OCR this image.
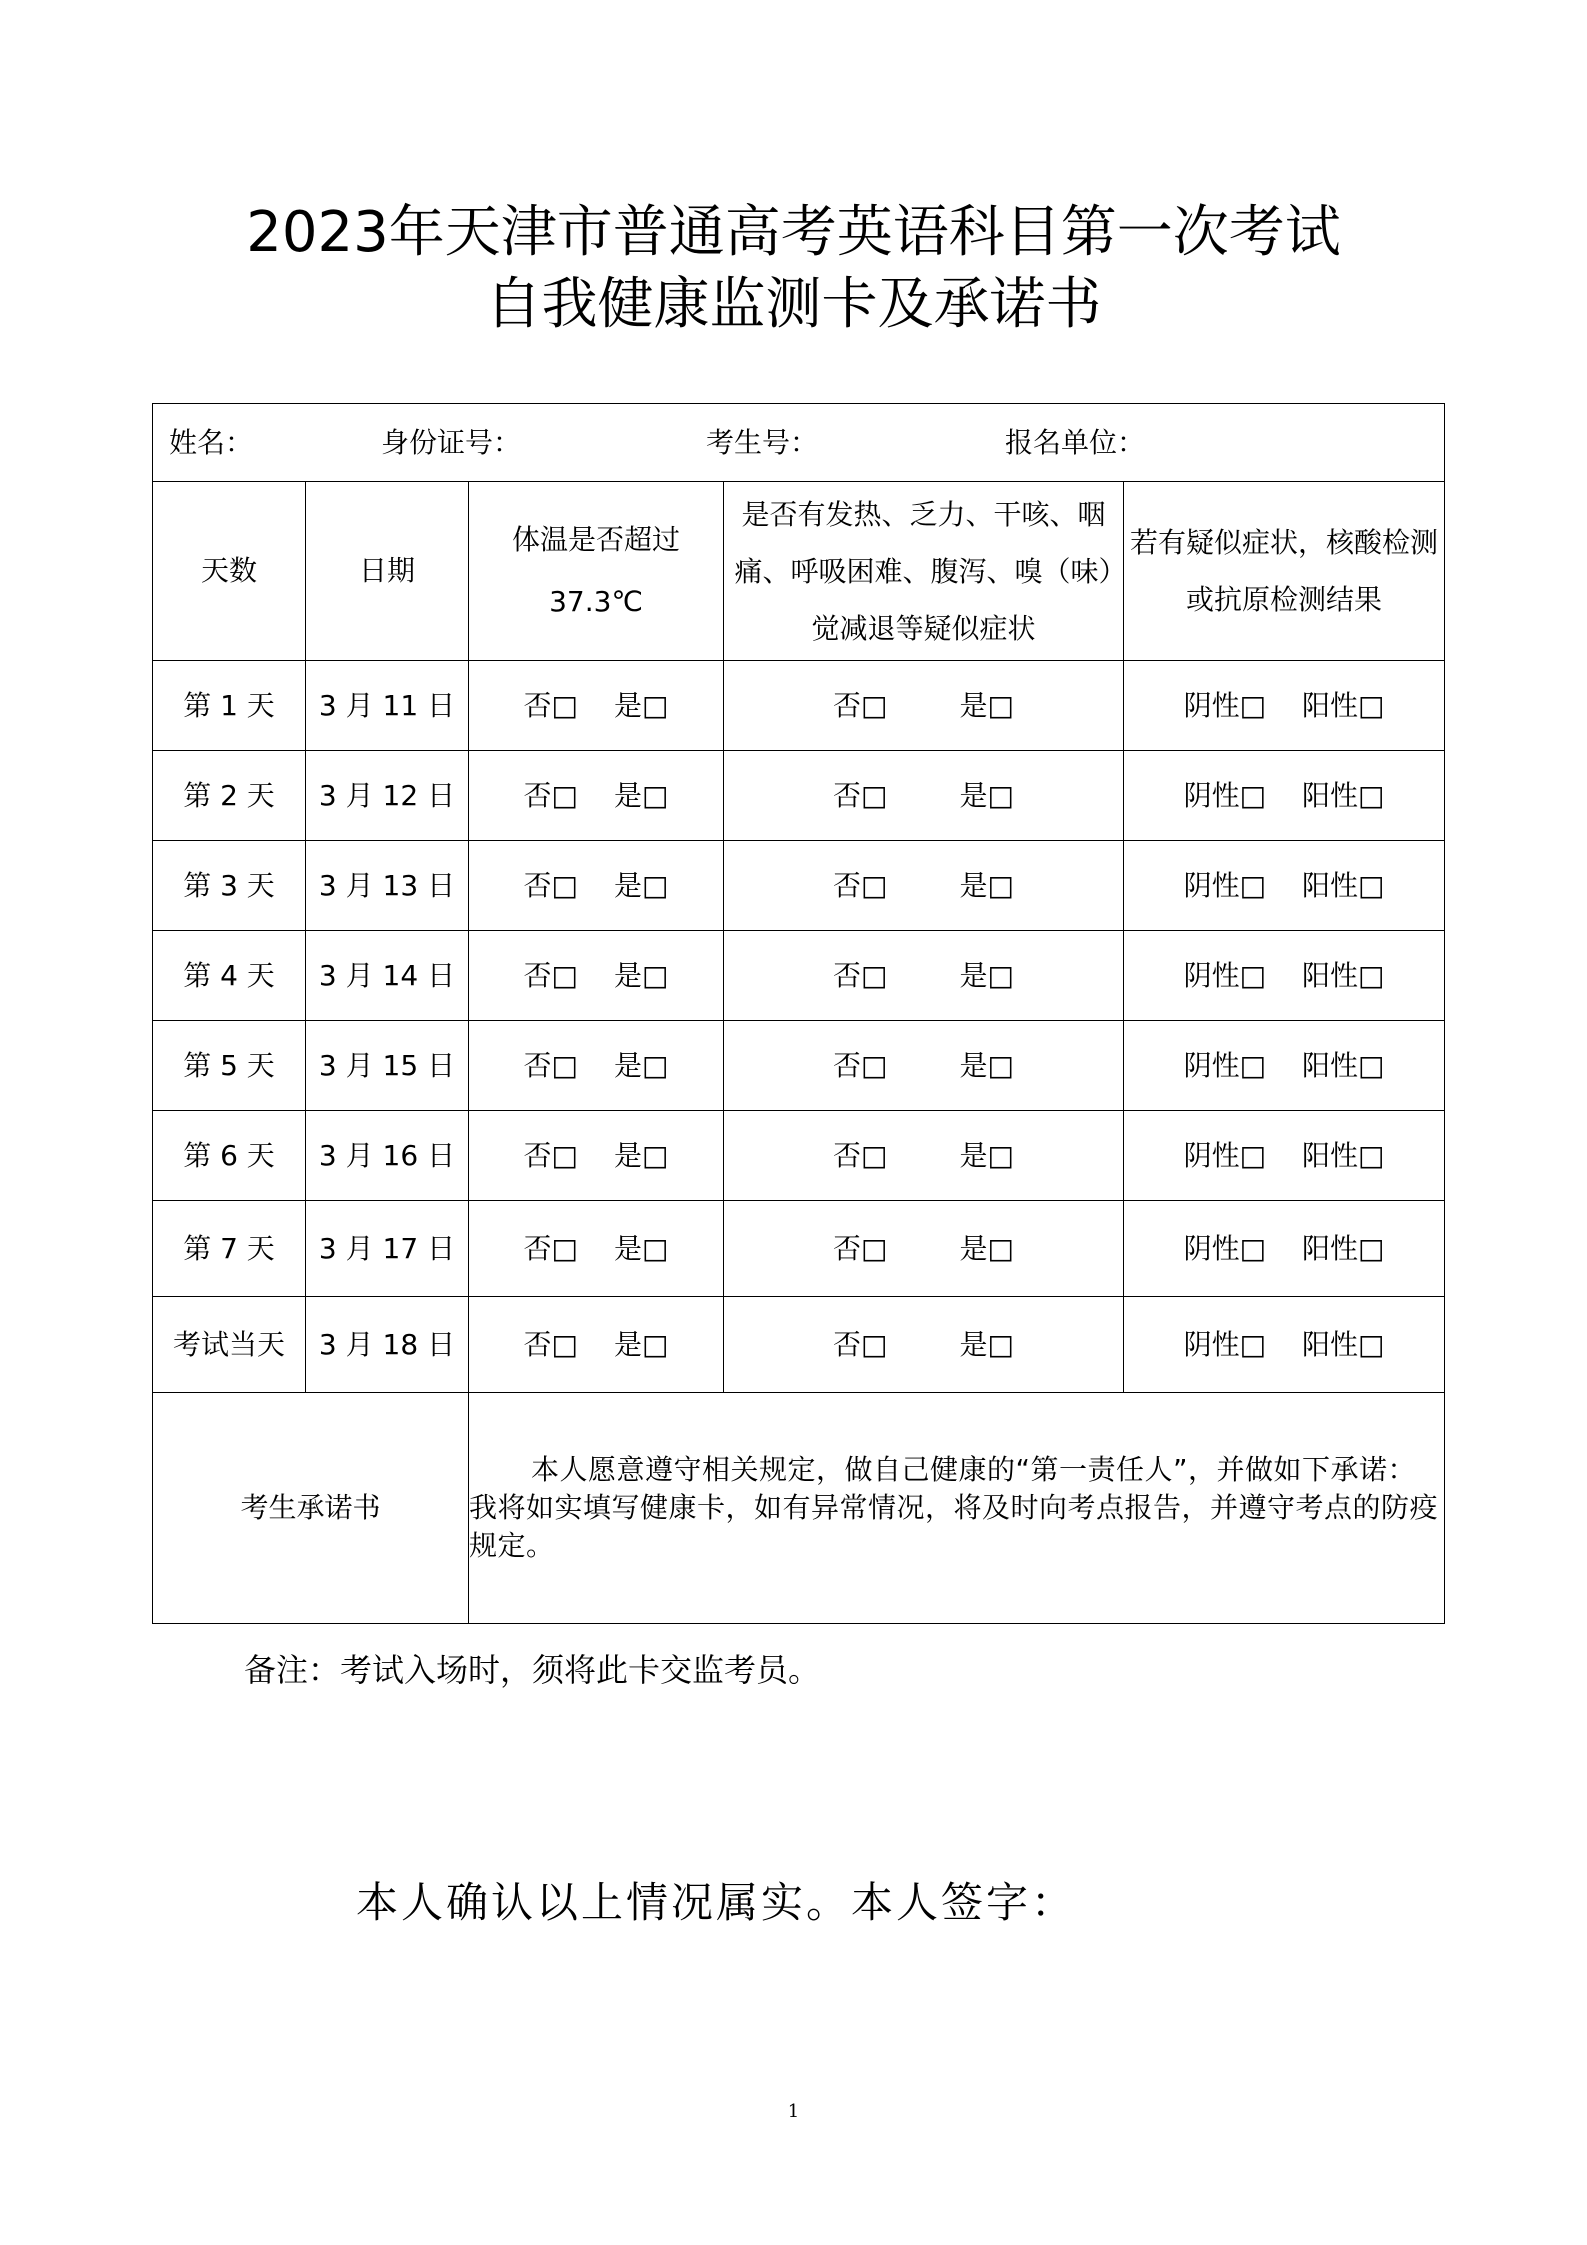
2023年天津市普通高考英语科目第一次考试
自我健康监测卡及承诺书
姓名： 身份证号： 考生号： 报名单位：				

天数	日期	体温是否超过37.3℃	是否有发热、乏力、干咳、咽痛、呼吸困难、腹泻、嗅（味）觉减退等疑似症状	若有疑似症状，核酸检测或抗原检测结果
第 1 天	3 月 11 日	否□ 是□	否□ 是□	阴性□ 阳性□
第 2 天	3 月 12 日	否□ 是□	否□ 是□	阴性□ 阳性□
第 3 天	3 月 13 日	否□ 是□	否□ 是□	阴性□ 阳性□
第 4 天	3 月 14 日	否□ 是□	否□ 是□	阴性□ 阳性□
第 5 天	3 月 15 日	否□ 是□	否□ 是□	阴性□ 阳性□
第 6 天	3 月 16 日	否□ 是□	否□ 是□	阴性□ 阳性□
第 7 天	3 月 17 日	否□ 是□	否□ 是□	阴性□ 阳性□
考试当天	3 月 18 日	否□ 是□	否□ 是□	阴性□ 阳性□
考生承诺书		本人愿意遵守相关规定，做自己健康的“第一责任人”，并做如下承诺：我将如实填写健康卡，如有异常情况，将及时向考点报告，并遵守考点的防疫规定。		
备注：考试入场时，须将此卡交监考员。
本人确认以上情况属实。本人签字：
1
